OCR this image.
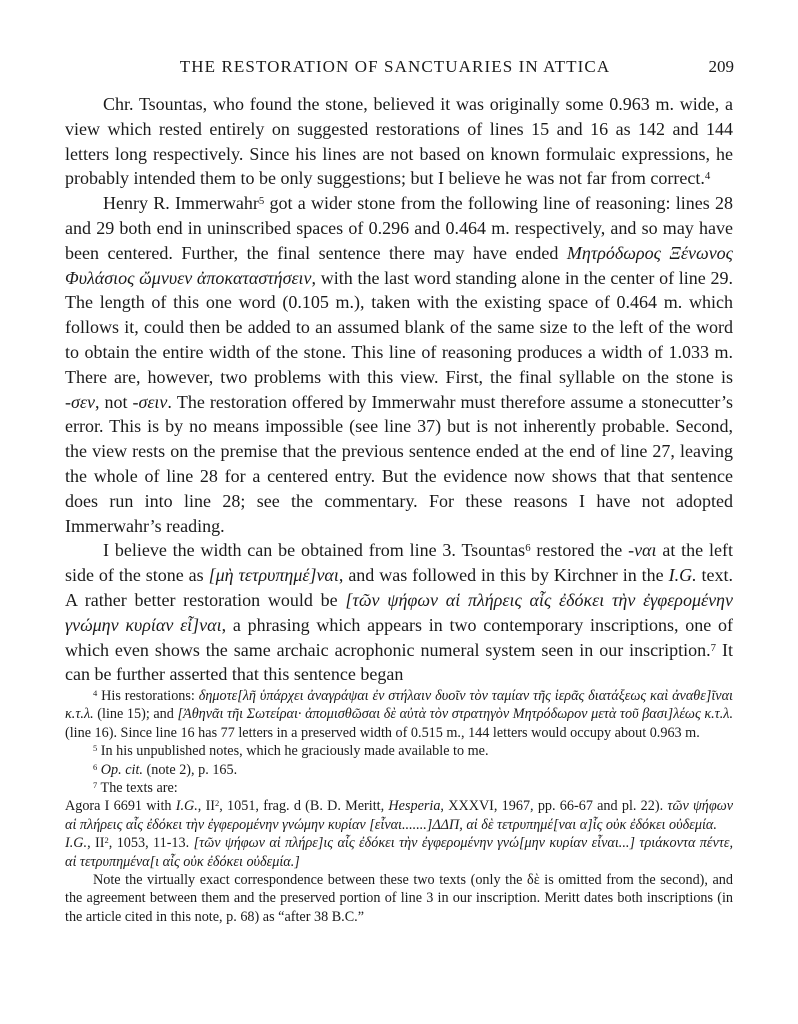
THE RESTORATION OF SANCTUARIES IN ATTICA	209

Chr. Tsountas, who found the stone, believed it was originally some 0.963 m. wide, a view which rested entirely on suggested restorations of lines 15 and 16 as 142 and 144 letters long respectively. Since his lines are not based on known formulaic expressions, he probably intended them to be only suggestions; but I believe he was not far from correct.$^4$

Henry R. Immerwahr$^5$ got a wider stone from the following line of reasoning: lines 28 and 29 both end in uninscribed spaces of 0.296 and 0.464 m. respectively, and so may have been centered. Further, the final sentence there may have ended Μητρόδωρος Ξένωνος Φυλάσιος ὤμνυεν ἀποκαταστήσειν, with the last word standing alone in the center of line 29. The length of this one word (0.105 m.), taken with the existing space of 0.464 m. which follows it, could then be added to an assumed blank of the same size to the left of the word to obtain the entire width of the stone. This line of reasoning produces a width of 1.033 m. There are, however, two problems with this view. First, the final syllable on the stone is -σεν, not -σειν. The restoration offered by Immerwahr must therefore assume a stonecutter’s error. This is by no means impossible (see line 37) but is not inherently probable. Second, the view rests on the premise that the previous sentence ended at the end of line 27, leaving the whole of line 28 for a centered entry. But the evidence now shows that that sentence does run into line 28; see the commentary. For these reasons I have not adopted Immerwahr’s reading.

I believe the width can be obtained from line 3. Tsountas$^6$ restored the -ναι at the left side of the stone as [μὴ τετρυπημέ]ναι, and was followed in this by Kirchner in the I.G. text. A rather better restoration would be [τῶν ψήφων αἱ πλήρεις αἷς ἐδόκει τὴν ἐγφερομένην γνώμην κυρίαν εἶ]ναι, a phrasing which appears in two contemporary inscriptions, one of which even shows the same archaic acrophonic numeral system seen in our inscription.$^7$ It can be further asserted that this sentence began

$^4$ His restorations: δημοτε[λῆ ὑπάρχει ἀναγράψαι ἐν στήλαιν δυοῖν τὸν ταμίαν τῆς ἱερᾶς διατάξεως καὶ ἀναθε]ῖναι κ.τ.λ. (line 15); and [Ἀθηνᾶι τῆι Σωτείραι· ἀπομισθῶσαι δὲ αὐτὰ τὸν στρατηγὸν Μητρόδωρον μετὰ τοῦ βασι]λέως κ.τ.λ. (line 16). Since line 16 has 77 letters in a preserved width of 0.515 m., 144 letters would occupy about 0.963 m.

$^5$ In his unpublished notes, which he graciously made available to me.

$^6$ Op. cit. (note 2), p. 165.

$^7$ The texts are:

Agora I 6691 with I.G., $II^2$, 1051, frag. d (B. D. Meritt, Hesperia, XXXVI, 1967, pp. 66-67 and pl. 22). τῶν ψήφων αἱ πλήρεις αἷς ἐδόκει τὴν ἐγφερομένην γνώμην κυρίαν [εἶναι.......]ΔΔΠ, αἱ δὲ τετρυπημέ[ναι α]ἷς οὐκ ἐδόκει οὐδεμία.

I.G., $II^2$, 1053, 11-13. [τῶν ψήφων αἱ πλήρε]ις αἷς ἐδόκει τὴν ἐγφερομένην γνώ[μην κυρίαν εἶναι...] τριάκοντα πέντε, αἱ τετρυπημένα[ι αἷς οὐκ ἐδόκει οὐδεμία.]

Note the virtually exact correspondence between these two texts (only the δὲ is omitted from the second), and the agreement between them and the preserved portion of line 3 in our inscription. Meritt dates both inscriptions (in the article cited in this note, p. 68) as “after 38 B.C.”
